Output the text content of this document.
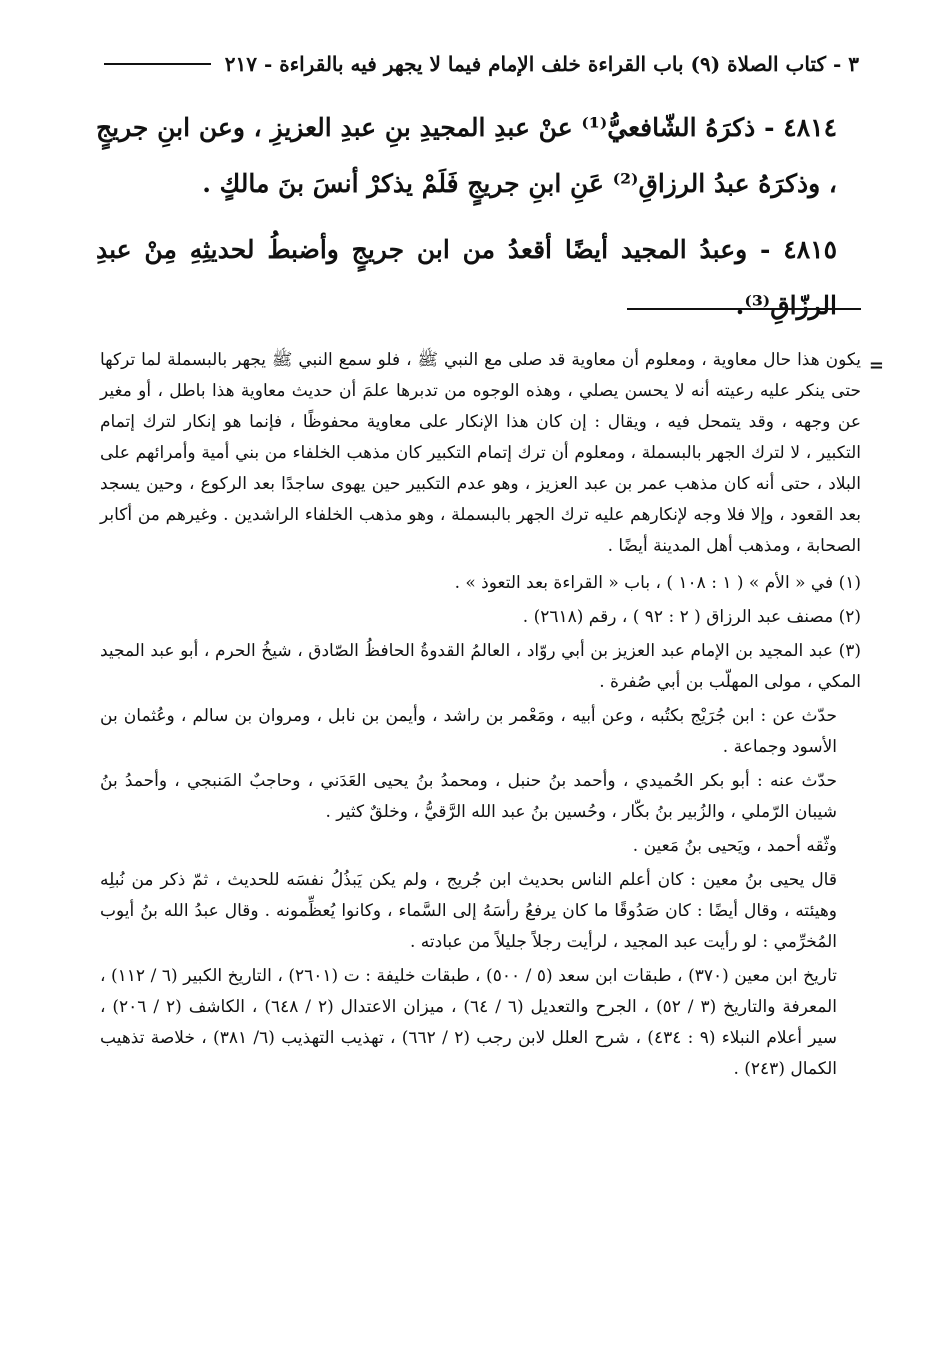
٣ - كتاب الصلاة (٩) باب القراءة خلف الإمام فيما لا يجهر فيه بالقراءة - ٢١٧

٤٨١٤ - ذكرَهُ الشّافعيُّ⁽¹⁾ عنْ عبدِ المجيدِ بنِ عبدِ العزيزِ ، وعن ابنِ جريجٍ ، وذكرَهُ عبدُ الرزاقِ⁽²⁾ عَنِ ابنِ جريجٍ فَلَمْ يذكرْ أنسَ بنَ مالكٍ .

٤٨١٥ - وعبدُ المجيد أيضًا أقعدُ من ابن جريجٍ وأضبطُ لحديثِهِ مِنْ عبدِ الرزّاقِ⁽³⁾.

=

يكون هذا حال معاوية ، ومعلوم أن معاوية قد صلى مع النبي ﷺ ، فلو سمع النبي ﷺ يجهر بالبسملة لما تركها حتى ينكر عليه رعيته أنه لا يحسن يصلي ، وهذه الوجوه من تدبرها علمَ أن حديث معاوية هذا باطل ، أو مغير عن وجهه ، وقد يتمحل فيه ، ويقال : إن كان هذا الإنكار على معاوية محفوظًا ، فإنما هو إنكار لترك إتمام التكبير ، لا لترك الجهر بالبسملة ، ومعلوم أن ترك إتمام التكبير كان مذهب الخلفاء من بني أمية وأمرائهم على البلاد ، حتى أنه كان مذهب عمر بن عبد العزيز ، وهو عدم التكبير حين يهوى ساجدًا بعد الركوع ، وحين يسجد بعد القعود ، وإلا فلا وجه لإنكارهم عليه ترك الجهر بالبسملة ، وهو مذهب الخلفاء الراشدين . وغيرهم من أكابر الصحابة ، ومذهب أهل المدينة أيضًا .

(١) في « الأم » ( ١ : ١٠٨ ) ، باب « القراءة بعد التعوذ » .

(٢) مصنف عبد الرزاق ( ٢ : ٩٢ ) ، رقم (٢٦١٨) .

(٣) عبد المجيد بن الإمام عبد العزيز بن أبي روّاد ، العالمُ القدوةُ الحافظُ الصّادق ، شيخُ الحرم ، أبو عبد المجيد المكي ، مولى المهلّب بن أبي صُفرة .

حدّث عن : ابن جُرَيْج بكتُبه ، وعن أبيه ، ومَعْمر بن راشد ، وأيمن بن نابل ، ومروان بن سالم ، وعُثمان بن الأسود وجماعة .

حدّث عنه : أبو بكر الحُميدي ، وأحمد بنُ حنبل ، ومحمدُ بنُ يحيى العَدَني ، وحاجبٌ المَنبجي ، وأحمدُ بنُ شيبان الرّملي ، والزُبير بنُ بكّار ، وحُسين بنُ عبد الله الرَّقيُّ ، وخلقٌ كثير .

وثّقه أحمد ، ويَحيى بنُ مَعين .

قال يحيى بنُ معين : كان أعلم الناس بحديث ابن جُريج ، ولم يكن يَبذُلُ نفسَه للحديث ، ثمّ ذكر من نُبلِه وهيئته ، وقال أيضًا : كان صَدُوقًا ما كان يرفعُ رأسَهُ إلى السَّماء ، وكانوا يُعظِّمونه . وقال عبدُ الله بنُ أيوب المُخرِّمي : لو رأيت عبد المجيد ، لرأيت رجلاً جليلاً من عبادته .

تاريخ ابن معين (٣٧٠) ، طبقات ابن سعد (٥ / ٥٠٠) ، طبقات خليفة : ت (٢٦٠١) ، التاريخ الكبير (٦ / ١١٢) ، المعرفة والتاريخ (٣ / ٥٢) ، الجرح والتعديل (٦ / ٦٤) ، ميزان الاعتدال (٢ / ٦٤٨) ، الكاشف (٢ / ٢٠٦) ، سير أعلام النبلاء (٩ : ٤٣٤) ، شرح العلل لابن رجب (٢ / ٦٦٢) ، تهذيب التهذيب (٦/ ٣٨١) ، خلاصة تذهيب الكمال (٢٤٣) .
